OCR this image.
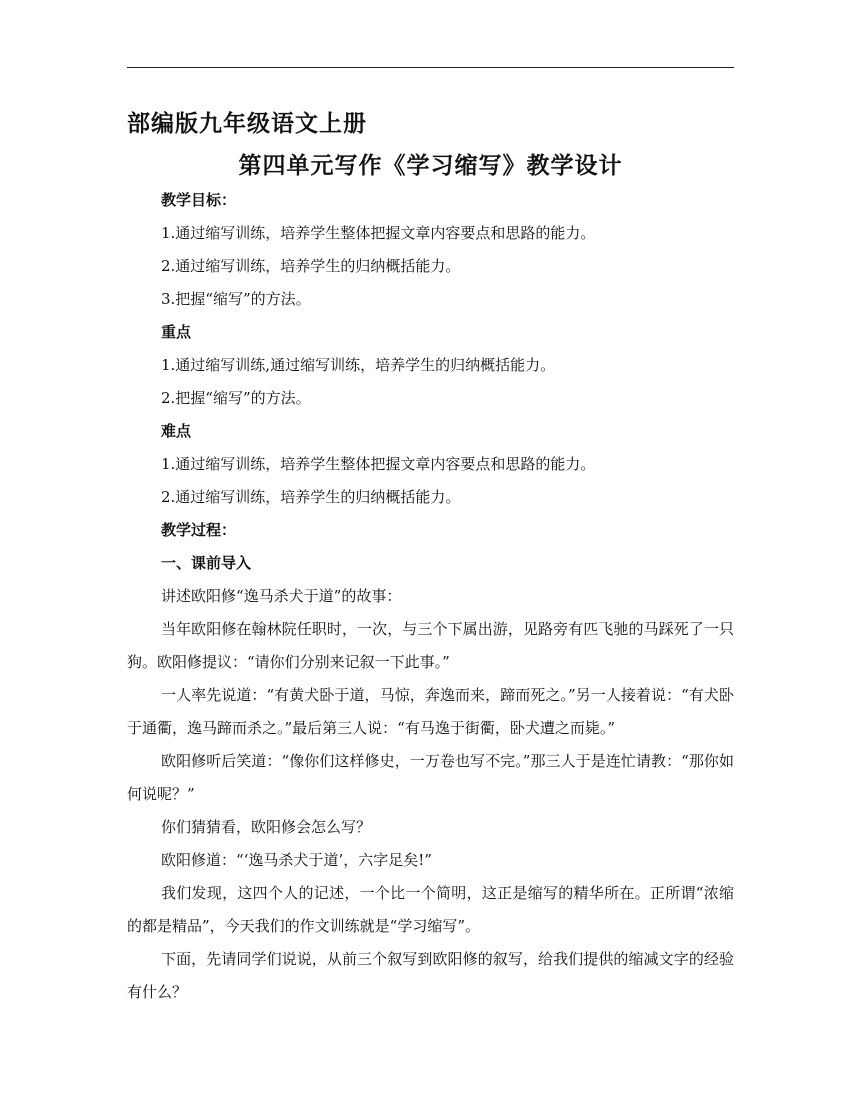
部编版九年级语文上册
第四单元写作《学习缩写》教学设计
教学目标：
1.通过缩写训练，培养学生整体把握文章内容要点和思路的能力。
2.通过缩写训练，培养学生的归纳概括能力。
3.把握“缩写”的方法。
重点
1.通过缩写训练,通过缩写训练，培养学生的归纳概括能力。
2.把握“缩写”的方法。
难点
1.通过缩写训练，培养学生整体把握文章内容要点和思路的能力。
2.通过缩写训练，培养学生的归纳概括能力。
教学过程：
一、课前导入
讲述欧阳修“逸马杀犬于道”的故事：
当年欧阳修在翰林院任职时，一次，与三个下属出游，见路旁有匹飞驰的马踩死了一只狗。欧阳修提议：“请你们分别来记叙一下此事。”
一人率先说道：“有黄犬卧于道，马惊，奔逸而来，蹄而死之。”另一人接着说：“有犬卧于通衢，逸马蹄而杀之。”最后第三人说：“有马逸于街衢，卧犬遭之而毙。”
欧阳修听后笑道：“像你们这样修史，一万卷也写不完。”那三人于是连忙请教：“那你如何说呢？”
你们猜猜看，欧阳修会怎么写？
欧阳修道：“‘逸马杀犬于道’，六字足矣!”
我们发现，这四个人的记述，一个比一个简明，这正是缩写的精华所在。正所谓“浓缩的都是精品”，今天我们的作文训练就是“学习缩写”。
下面，先请同学们说说，从前三个叙写到欧阳修的叙写，给我们提供的缩减文字的经验有什么？
